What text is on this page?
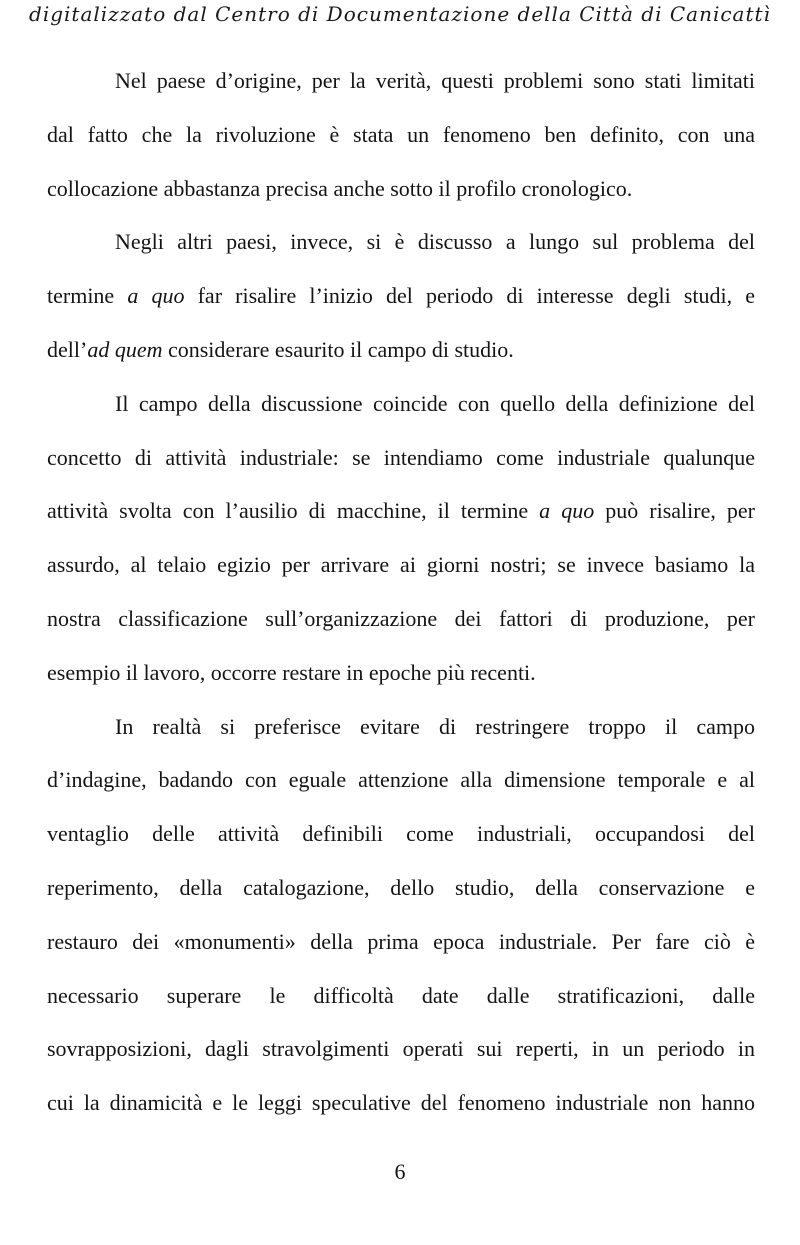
digitalizzato dal Centro di Documentazione della Città di Canicattì
Nel paese d’origine, per la verità, questi problemi sono stati limitati
dal fatto che la rivoluzione è stata un fenomeno ben definito, con una
collocazione abbastanza precisa anche sotto il profilo cronologico.
Negli altri paesi, invece, si è discusso a lungo sul problema del
termine a quo far risalire l’inizio del periodo di interesse degli studi, e
dell’ad quem considerare esaurito il campo di studio.
Il campo della discussione coincide con quello della definizione del
concetto di attività industriale: se intendiamo come industriale qualunque
attività svolta con l’ausilio di macchine, il termine a quo può risalire, per
assurdo, al telaio egizio per arrivare ai giorni nostri; se invece basiamo la
nostra classificazione sull’organizzazione dei fattori di produzione, per
esempio il lavoro, occorre restare in epoche più recenti.
In realtà si preferisce evitare di restringere troppo il campo
d’indagine, badando con eguale attenzione alla dimensione temporale e al
ventaglio delle attività definibili come industriali, occupandosi del
reperimento, della catalogazione, dello studio, della conservazione e
restauro dei «monumenti» della prima epoca industriale. Per fare ciò è
necessario superare le difficoltà date dalle stratificazioni, dalle
sovrapposizioni, dagli stravolgimenti operati sui reperti, in un periodo in
cui la dinamicità e le leggi speculative del fenomeno industriale non hanno
6
